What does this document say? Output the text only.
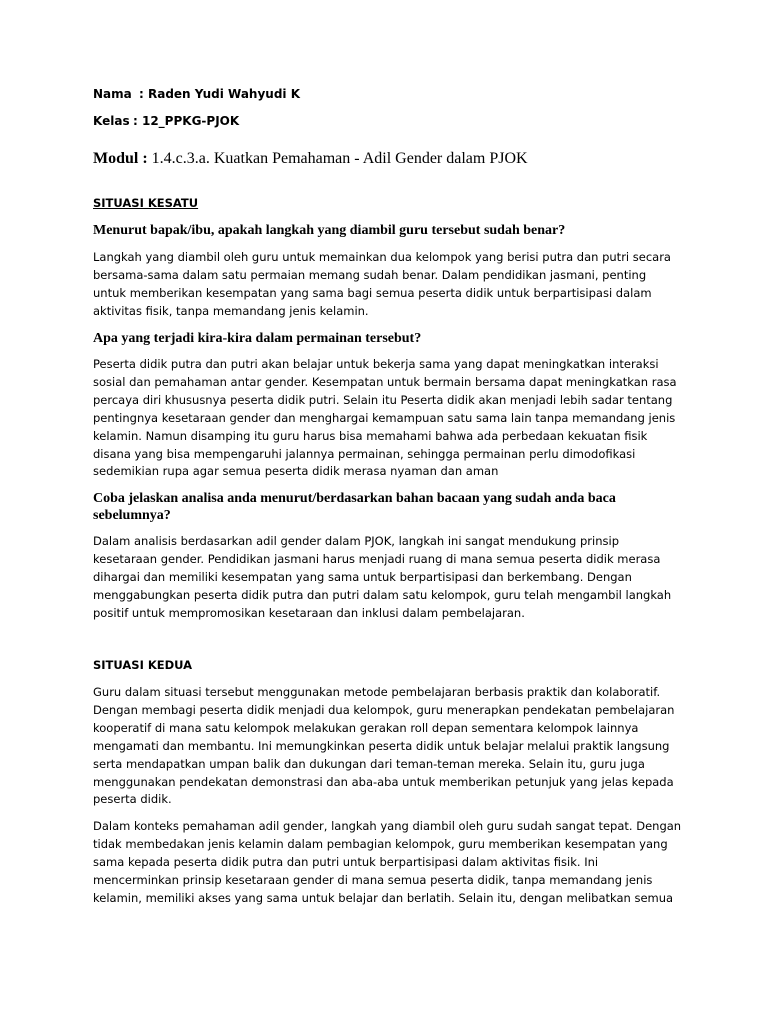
Nama : Raden Yudi Wahyudi K
Kelas : 12_PPKG-PJOK
Modul : 1.4.c.3.a. Kuatkan Pemahaman - Adil Gender dalam PJOK
SITUASI KESATU
Menurut bapak/ibu, apakah langkah yang diambil guru tersebut sudah benar?
Langkah yang diambil oleh guru untuk memainkan dua kelompok yang berisi putra dan putri secara
bersama-sama dalam satu permaian memang sudah benar. Dalam pendidikan jasmani, penting
untuk memberikan kesempatan yang sama bagi semua peserta didik untuk berpartisipasi dalam
aktivitas fisik, tanpa memandang jenis kelamin.
Apa yang terjadi kira-kira dalam permainan tersebut?
Peserta didik putra dan putri akan belajar untuk bekerja sama yang dapat meningkatkan interaksi
sosial dan pemahaman antar gender. Kesempatan untuk bermain bersama dapat meningkatkan rasa
percaya diri khususnya peserta didik putri. Selain itu Peserta didik akan menjadi lebih sadar tentang
pentingnya kesetaraan gender dan menghargai kemampuan satu sama lain tanpa memandang jenis
kelamin. Namun disamping itu guru harus bisa memahami bahwa ada perbedaan kekuatan fisik
disana yang bisa mempengaruhi jalannya permainan, sehingga permainan perlu dimodofikasi
sedemikian rupa agar semua peserta didik merasa nyaman dan aman
Coba jelaskan analisa anda menurut/berdasarkan bahan bacaan yang sudah anda baca
sebelumnya?
Dalam analisis berdasarkan adil gender dalam PJOK, langkah ini sangat mendukung prinsip
kesetaraan gender. Pendidikan jasmani harus menjadi ruang di mana semua peserta didik merasa
dihargai dan memiliki kesempatan yang sama untuk berpartisipasi dan berkembang. Dengan
menggabungkan peserta didik putra dan putri dalam satu kelompok, guru telah mengambil langkah
positif untuk mempromosikan kesetaraan dan inklusi dalam pembelajaran.
SITUASI KEDUA
Guru dalam situasi tersebut menggunakan metode pembelajaran berbasis praktik dan kolaboratif.
Dengan membagi peserta didik menjadi dua kelompok, guru menerapkan pendekatan pembelajaran
kooperatif di mana satu kelompok melakukan gerakan roll depan sementara kelompok lainnya
mengamati dan membantu. Ini memungkinkan peserta didik untuk belajar melalui praktik langsung
serta mendapatkan umpan balik dan dukungan dari teman-teman mereka. Selain itu, guru juga
menggunakan pendekatan demonstrasi dan aba-aba untuk memberikan petunjuk yang jelas kepada
peserta didik.
Dalam konteks pemahaman adil gender, langkah yang diambil oleh guru sudah sangat tepat. Dengan
tidak membedakan jenis kelamin dalam pembagian kelompok, guru memberikan kesempatan yang
sama kepada peserta didik putra dan putri untuk berpartisipasi dalam aktivitas fisik. Ini
mencerminkan prinsip kesetaraan gender di mana semua peserta didik, tanpa memandang jenis
kelamin, memiliki akses yang sama untuk belajar dan berlatih. Selain itu, dengan melibatkan semua
